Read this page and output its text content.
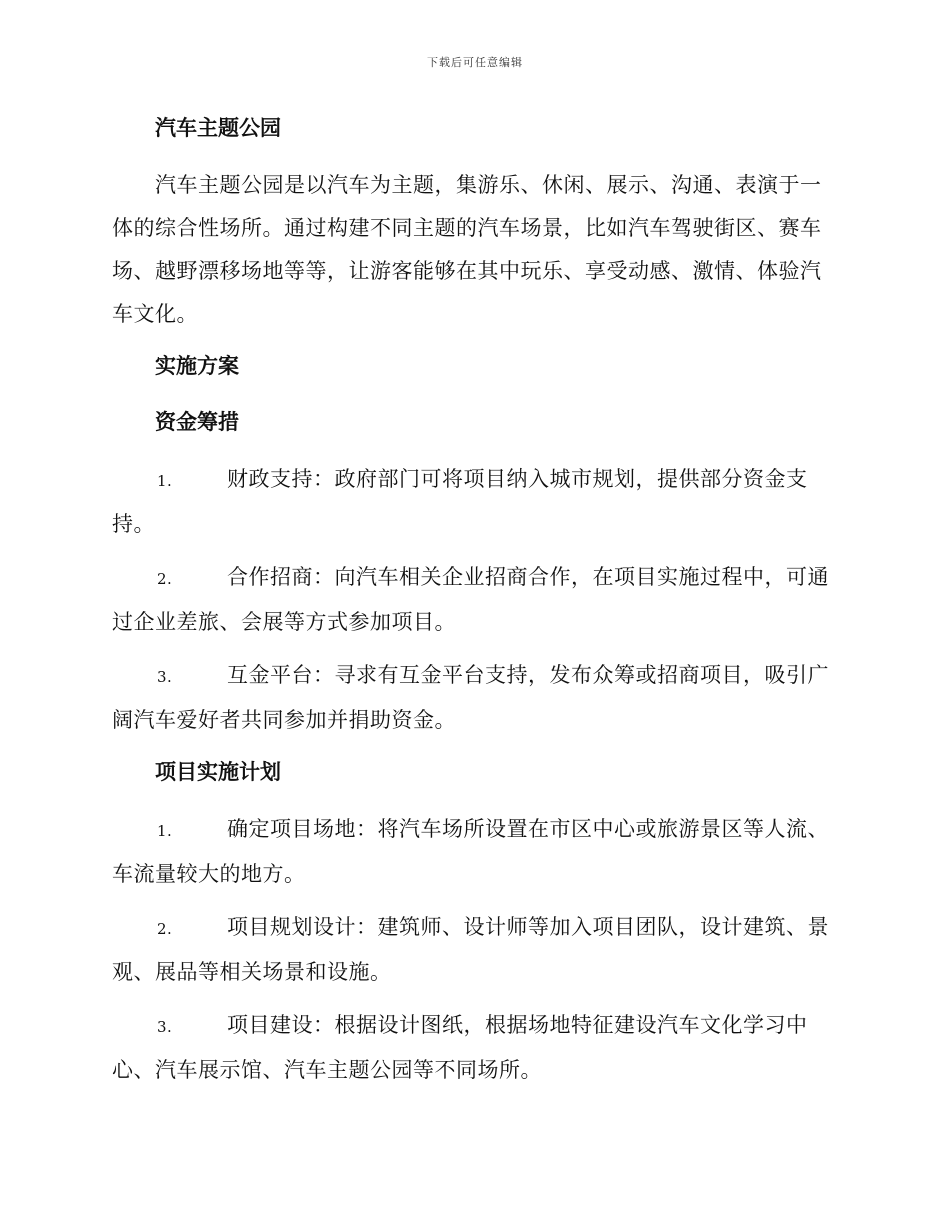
下载后可任意编辑
汽车主题公园
汽车主题公园是以汽车为主题，集游乐、休闲、展示、沟通、表演于一体的综合性场所。通过构建不同主题的汽车场景，比如汽车驾驶街区、赛车场、越野漂移场地等等，让游客能够在其中玩乐、享受动感、激情、体验汽车文化。
实施方案
资金筹措
1.	财政支持：政府部门可将项目纳入城市规划，提供部分资金支持。
2.	合作招商：向汽车相关企业招商合作，在项目实施过程中，可通过企业差旅、会展等方式参加项目。
3.	互金平台：寻求有互金平台支持，发布众筹或招商项目，吸引广阔汽车爱好者共同参加并捐助资金。
项目实施计划
1.	确定项目场地：将汽车场所设置在市区中心或旅游景区等人流、车流量较大的地方。
2.	项目规划设计：建筑师、设计师等加入项目团队，设计建筑、景观、展品等相关场景和设施。
3.	项目建设：根据设计图纸，根据场地特征建设汽车文化学习中心、汽车展示馆、汽车主题公园等不同场所。
